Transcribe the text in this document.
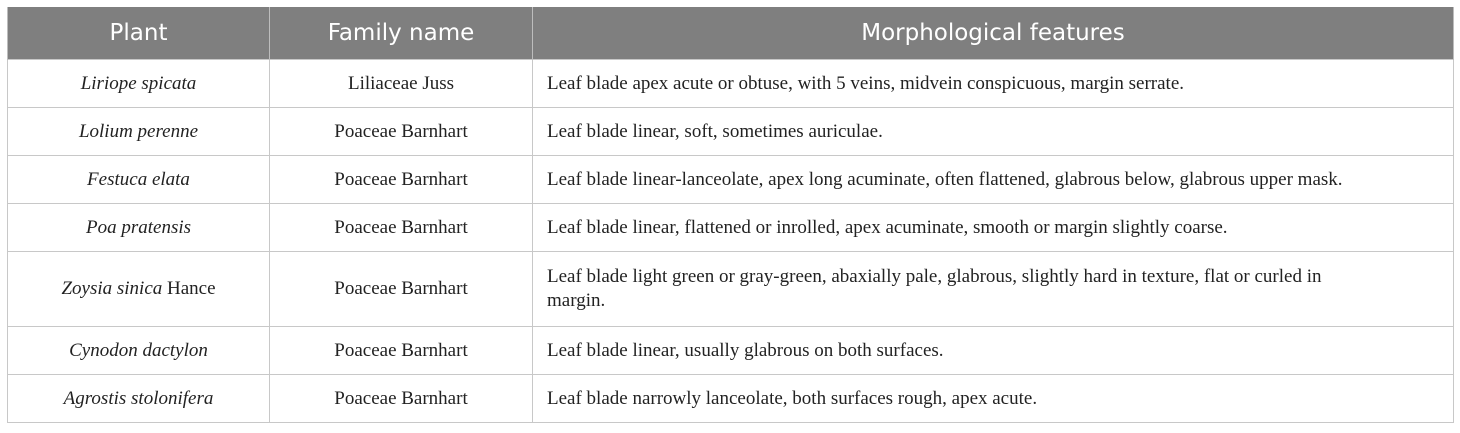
Plant	Family name	Morphological features
Liriope spicata	Liliaceae Juss	Leaf blade apex acute or obtuse, with 5 veins, midvein conspicuous, margin serrate.
Lolium perenne	Poaceae Barnhart	Leaf blade linear, soft, sometimes auriculae.
Festuca elata	Poaceae Barnhart	Leaf blade linear-lanceolate, apex long acuminate, often flattened, glabrous below, glabrous upper mask.
Poa pratensis	Poaceae Barnhart	Leaf blade linear, flattened or inrolled, apex acuminate, smooth or margin slightly coarse.
Zoysia sinica Hance	Poaceae Barnhart	Leaf blade light green or gray-green, abaxially pale, glabrous, slightly hard in texture, flat or curled in margin.
Cynodon dactylon	Poaceae Barnhart	Leaf blade linear, usually glabrous on both surfaces.
Agrostis stolonifera	Poaceae Barnhart	Leaf blade narrowly lanceolate, both surfaces rough, apex acute.
